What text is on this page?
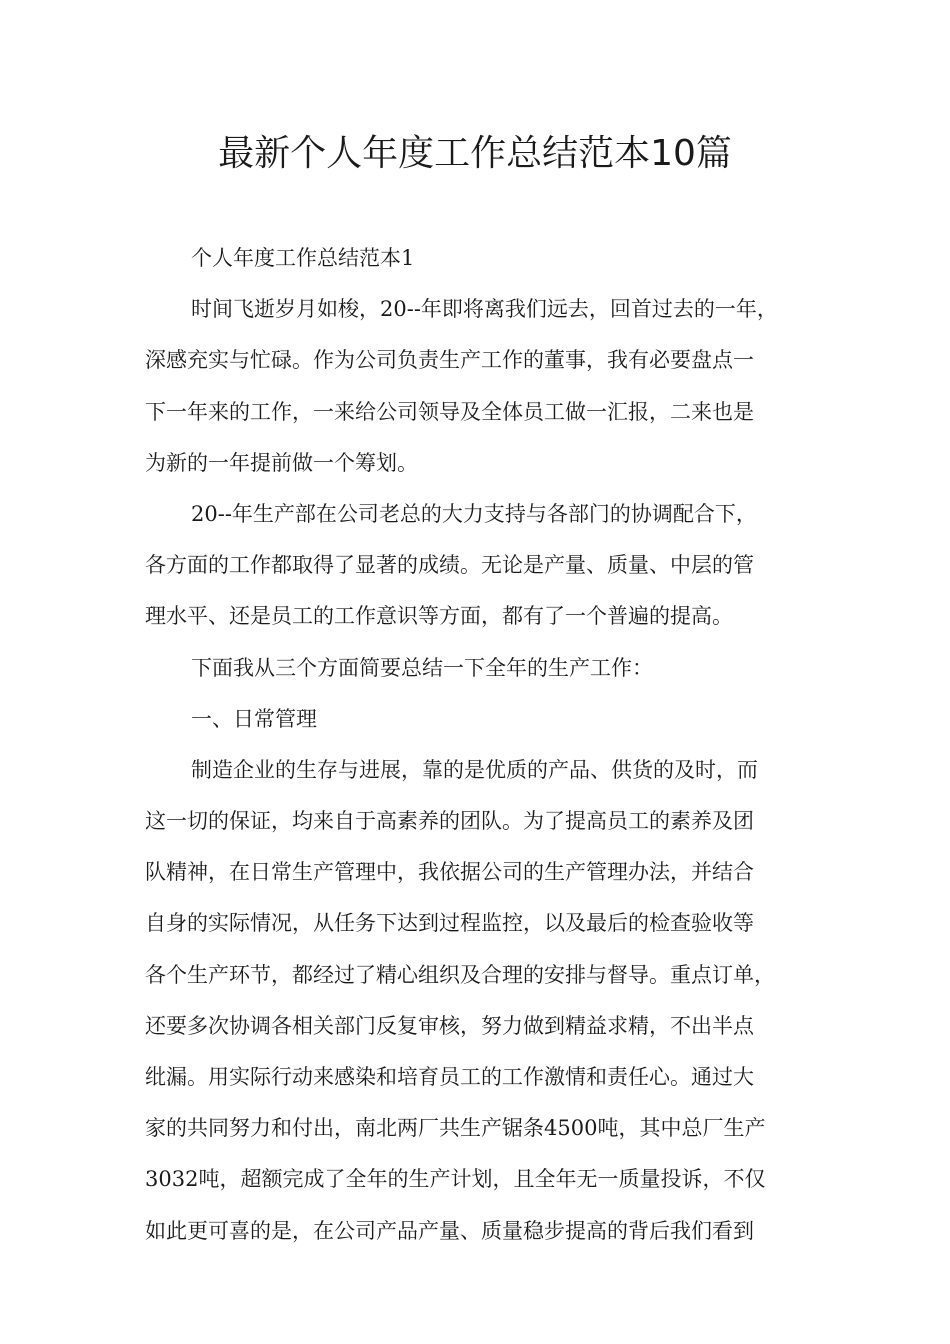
最新个人年度工作总结范本10篇
个人年度工作总结范本1
时间飞逝岁月如梭，20--年即将离我们远去，回首过去的一年，
深感充实与忙碌。作为公司负责生产工作的董事，我有必要盘点一
下一年来的工作，一来给公司领导及全体员工做一汇报，二来也是
为新的一年提前做一个筹划。
20--年生产部在公司老总的大力支持与各部门的协调配合下，
各方面的工作都取得了显著的成绩。无论是产量、质量、中层的管
理水平、还是员工的工作意识等方面，都有了一个普遍的提高。
下面我从三个方面简要总结一下全年的生产工作：
一、日常管理
制造企业的生存与进展，靠的是优质的产品、供货的及时，而
这一切的保证，均来自于高素养的团队。为了提高员工的素养及团
队精神，在日常生产管理中，我依据公司的生产管理办法，并结合
自身的实际情况，从任务下达到过程监控，以及最后的检查验收等
各个生产环节，都经过了精心组织及合理的安排与督导。重点订单，
还要多次协调各相关部门反复审核，努力做到精益求精，不出半点
纰漏。用实际行动来感染和培育员工的工作激情和责任心。通过大
家的共同努力和付出，南北两厂共生产锯条4500吨，其中总厂生产
3032吨，超额完成了全年的生产计划，且全年无一质量投诉，不仅
如此更可喜的是，在公司产品产量、质量稳步提高的背后我们看到
